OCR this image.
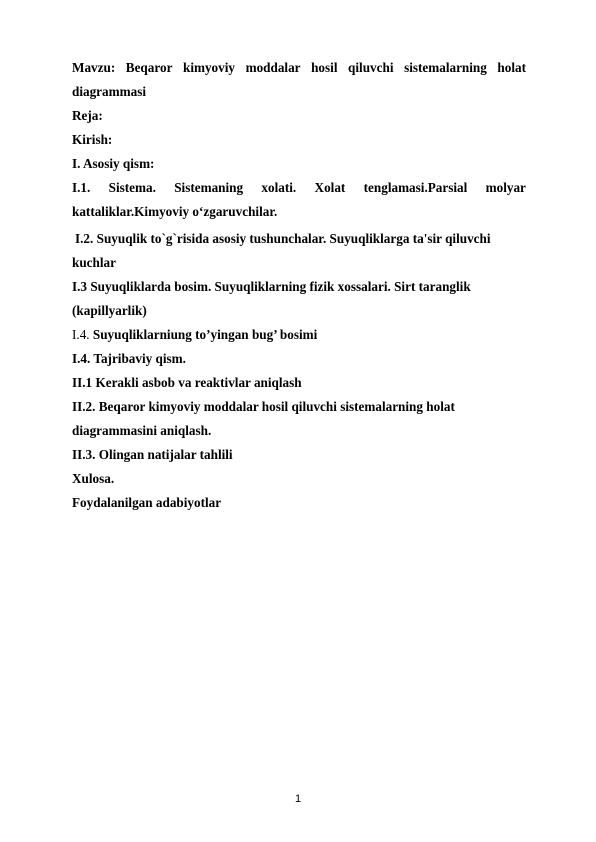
Mavzu: Beqaror kimyoviy moddalar hosil qiluvchi sistemalarning holat
diagrammasi
Reja:
Kirish:
I. Asosiy qism:
I.1. Sistema. Sistemaning xolati. Xolat tenglamasi.Parsial molyar
kattaliklar.Kimyoviy o‘zgaruvchilar.
I.2. Suyuqlik to`g`risida asosiy tushunchalar. Suyuqliklarga ta'sir qiluvchi
kuchlar
I.3 Suyuqliklarda bosim. Suyuqliklarning fizik xossalari. Sirt taranglik
(kapillyarlik)
I.4. Suyuqliklarniung to’yingan bug’ bosimi
I.4. Tajribaviy qism.
II.1 Kerakli asbob va reaktivlar aniqlash
II.2. Beqaror kimyoviy moddalar hosil qiluvchi sistemalarning holat
diagrammasini aniqlash.
II.3. Olingan natijalar tahlili
Xulosa.
Foydalanilgan adabiyotlar
1
